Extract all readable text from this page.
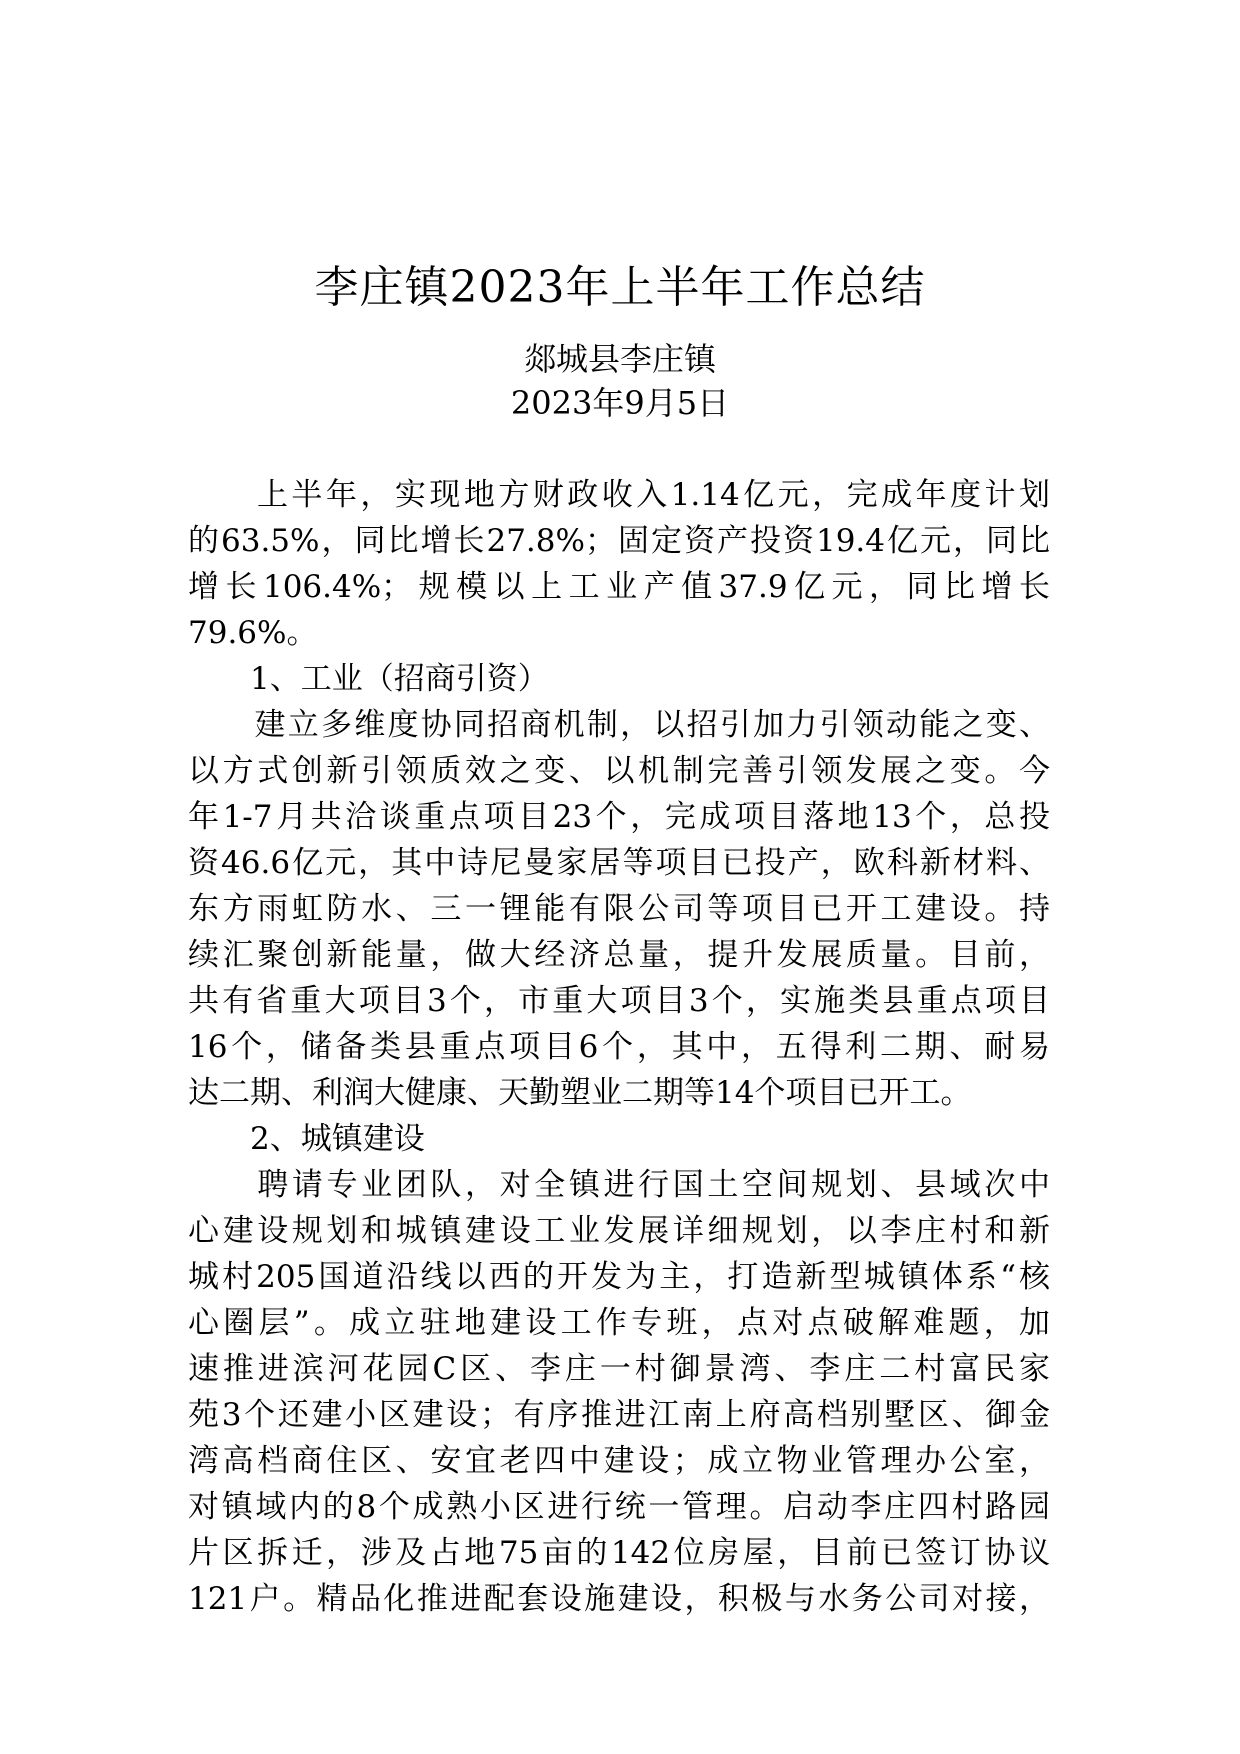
李庄镇2023年上半年工作总结
郯城县李庄镇
2023年9月5日
　　上半年，实现地方财政收入1.14亿元，完成年度计划
的63.5%，同比增长27.8%；固定资产投资19.4亿元，同比
增长106.4%；规模以上工业产值37.9亿元，同比增长
79.6%。
　　1、工业（招商引资）
　　建立多维度协同招商机制，以招引加力引领动能之变、
以方式创新引领质效之变、以机制完善引领发展之变。今
年1-7月共洽谈重点项目23个，完成项目落地13个，总投
资46.6亿元，其中诗尼曼家居等项目已投产，欧科新材料、
东方雨虹防水、三一锂能有限公司等项目已开工建设。持
续汇聚创新能量，做大经济总量，提升发展质量。目前，
共有省重大项目3个，市重大项目3个，实施类县重点项目
16个，储备类县重点项目6个，其中，五得利二期、耐易
达二期、利润大健康、天勤塑业二期等14个项目已开工。
　　2、城镇建设
　　聘请专业团队，对全镇进行国土空间规划、县域次中
心建设规划和城镇建设工业发展详细规划，以李庄村和新
城村205国道沿线以西的开发为主，打造新型城镇体系“核
心圈层”。成立驻地建设工作专班，点对点破解难题，加
速推进滨河花园C区、李庄一村御景湾、李庄二村富民家
苑3个还建小区建设；有序推进江南上府高档别墅区、御金
湾高档商住区、安宜老四中建设；成立物业管理办公室，
对镇域内的8个成熟小区进行统一管理。启动李庄四村路园
片区拆迁，涉及占地75亩的142位房屋，目前已签订协议
121户。精品化推进配套设施建设，积极与水务公司对接，
